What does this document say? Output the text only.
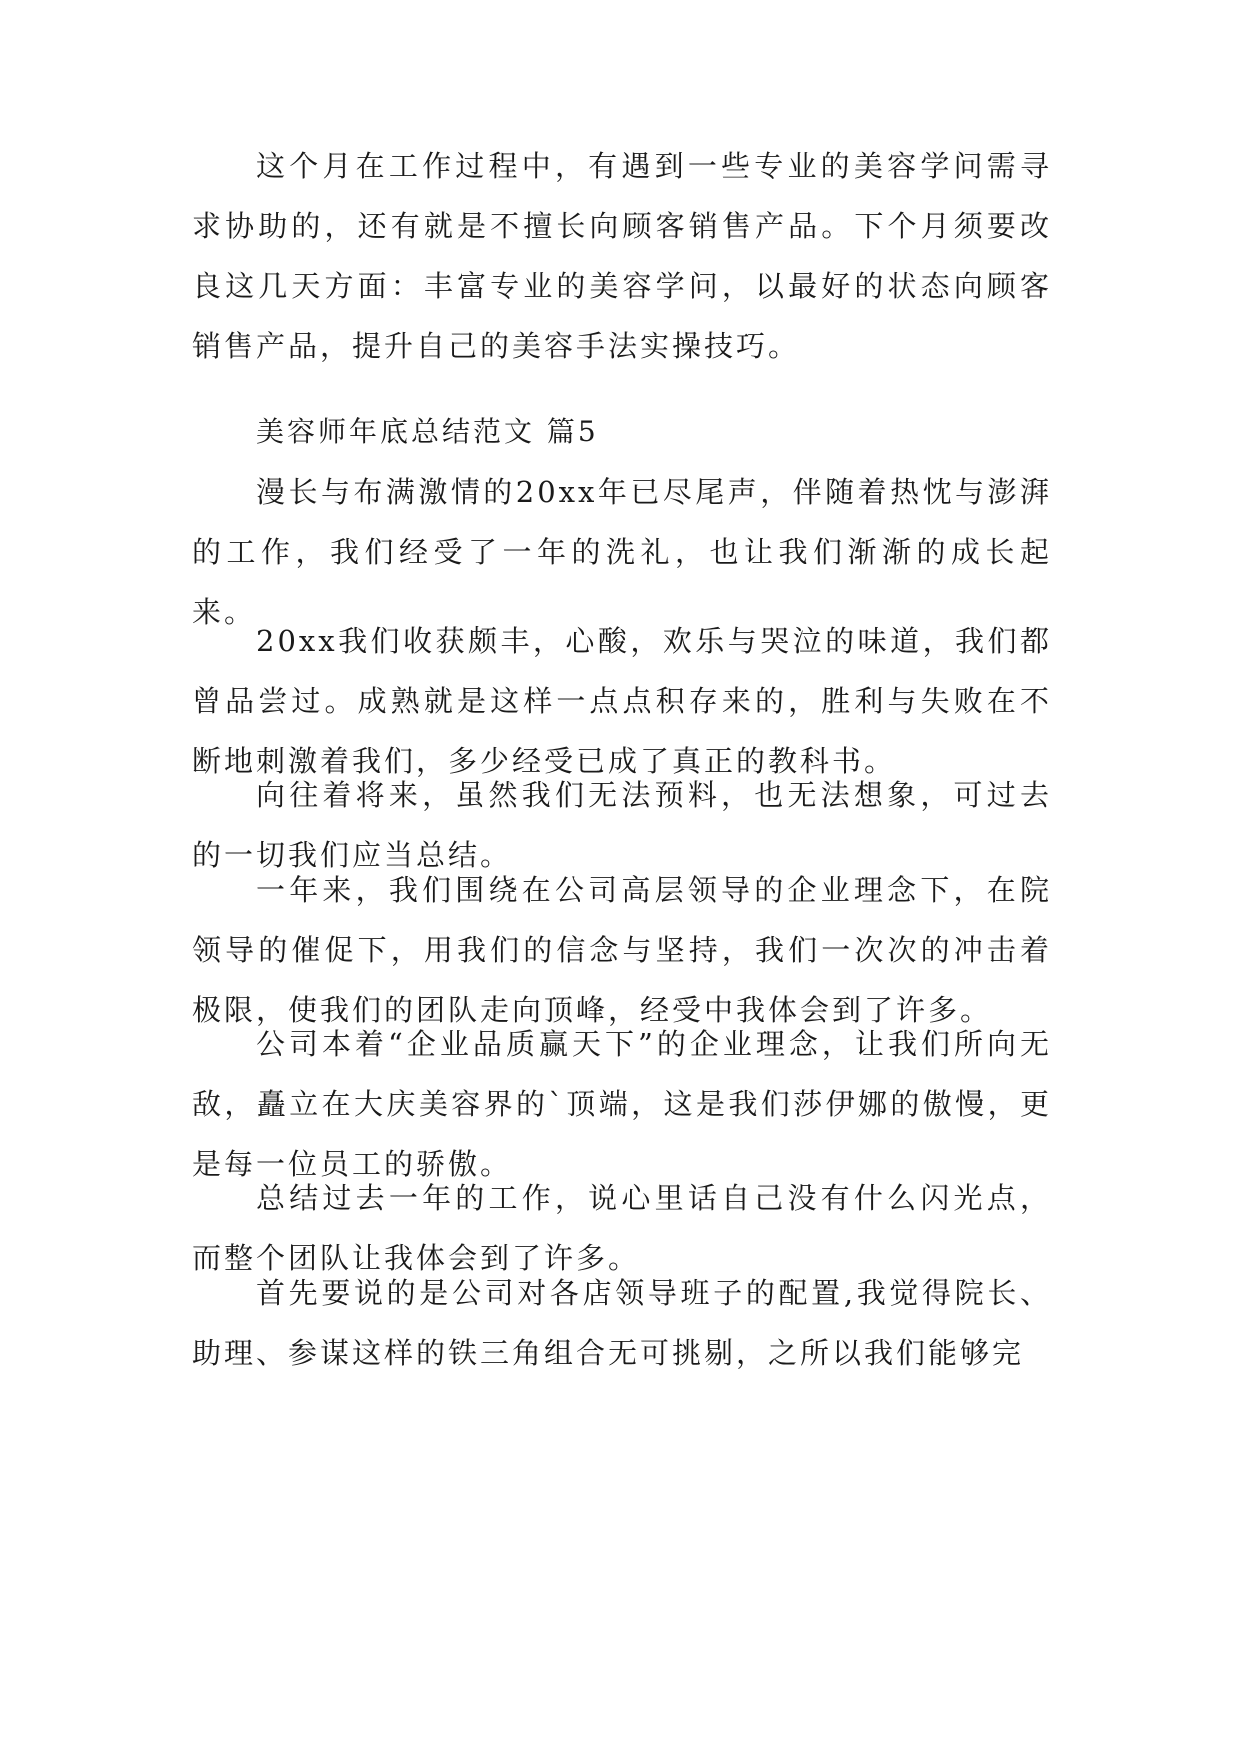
这个月在工作过程中，有遇到一些专业的美容学问需寻求协助的，还有就是不擅长向顾客销售产品。下个月须要改良这几天方面：丰富专业的美容学问，以最好的状态向顾客销售产品，提升自己的美容手法实操技巧。

美容师年底总结范文 篇5

漫长与布满激情的20xx年已尽尾声，伴随着热忱与澎湃的工作，我们经受了一年的洗礼，也让我们渐渐的成长起来。

20xx我们收获颇丰，心酸，欢乐与哭泣的味道，我们都曾品尝过。成熟就是这样一点点积存来的，胜利与失败在不断地刺激着我们，多少经受已成了真正的教科书。

向往着将来，虽然我们无法预料，也无法想象，可过去的一切我们应当总结。

一年来，我们围绕在公司高层领导的企业理念下，在院领导的催促下，用我们的信念与坚持，我们一次次的冲击着极限，使我们的团队走向顶峰，经受中我体会到了许多。

公司本着“企业品质赢天下”的企业理念，让我们所向无敌，矗立在大庆美容界的`顶端，这是我们莎伊娜的傲慢，更是每一位员工的骄傲。

总结过去一年的工作，说心里话自己没有什么闪光点，而整个团队让我体会到了许多。

首先要说的是公司对各店领导班子的配置,我觉得院长、助理、参谋这样的铁三角组合无可挑剔，之所以我们能够完
